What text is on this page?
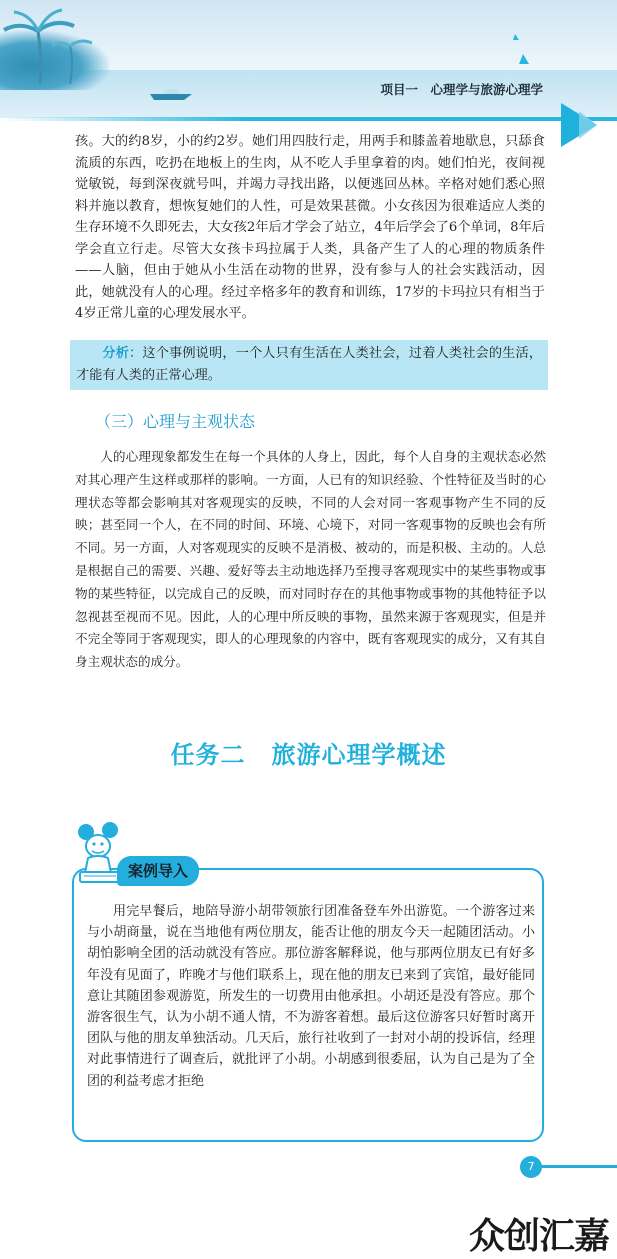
项目一　心理学与旅游心理学

孩。大的约8岁，小的约2岁。她们用四肢行走，用两手和膝盖着地歇息，只舔食流质的东西，吃扔在地板上的生肉，从不吃人手里拿着的肉。她们怕光，夜间视觉敏锐，每到深夜就号叫，并竭力寻找出路，以便逃回丛林。辛格对她们悉心照料并施以教育，想恢复她们的人性，可是效果甚微。小女孩因为很难适应人类的生存环境不久即死去，大女孩2年后才学会了站立，4年后学会了6个单词，8年后学会直立行走。尽管大女孩卡玛拉属于人类，具备产生了人的心理的物质条件——人脑，但由于她从小生活在动物的世界，没有参与人的社会实践活动，因此，她就没有人的心理。经过辛格多年的教育和训练，17岁的卡玛拉只有相当于4岁正常儿童的心理发展水平。

分析：这个事例说明，一个人只有生活在人类社会，过着人类社会的生活，才能有人类的正常心理。

（三）心理与主观状态

人的心理现象都发生在每一个具体的人身上，因此，每个人自身的主观状态必然对其心理产生这样或那样的影响。一方面，人已有的知识经验、个性特征及当时的心理状态等都会影响其对客观现实的反映，不同的人会对同一客观事物产生不同的反映；甚至同一个人，在不同的时间、环境、心境下，对同一客观事物的反映也会有所不同。另一方面，人对客观现实的反映不是消极、被动的，而是积极、主动的。人总是根据自己的需要、兴趣、爱好等去主动地选择乃至搜寻客观现实中的某些事物或事物的某些特征，以完成自己的反映，而对同时存在的其他事物或事物的其他特征予以忽视甚至视而不见。因此，人的心理中所反映的事物，虽然来源于客观现实，但是并不完全等同于客观现实，即人的心理现象的内容中，既有客观现实的成分，又有其自身主观状态的成分。

任务二 旅游心理学概述
案例导入

用完早餐后，地陪导游小胡带领旅行团准备登车外出游览。一个游客过来与小胡商量，说在当地他有两位朋友，能否让他的朋友今天一起随团活动。小胡怕影响全团的活动就没有答应。那位游客解释说，他与那两位朋友已有好多年没有见面了，昨晚才与他们联系上，现在他的朋友已来到了宾馆，最好能同意让其随团参观游览，所发生的一切费用由他承担。小胡还是没有答应。那个游客很生气，认为小胡不通人情，不为游客着想。最后这位游客只好暂时离开团队与他的朋友单独活动。几天后，旅行社收到了一封对小胡的投诉信，经理对此事情进行了调查后，就批评了小胡。小胡感到很委屈，认为自己是为了全团的利益考虑才拒绝

7
众创汇嘉
